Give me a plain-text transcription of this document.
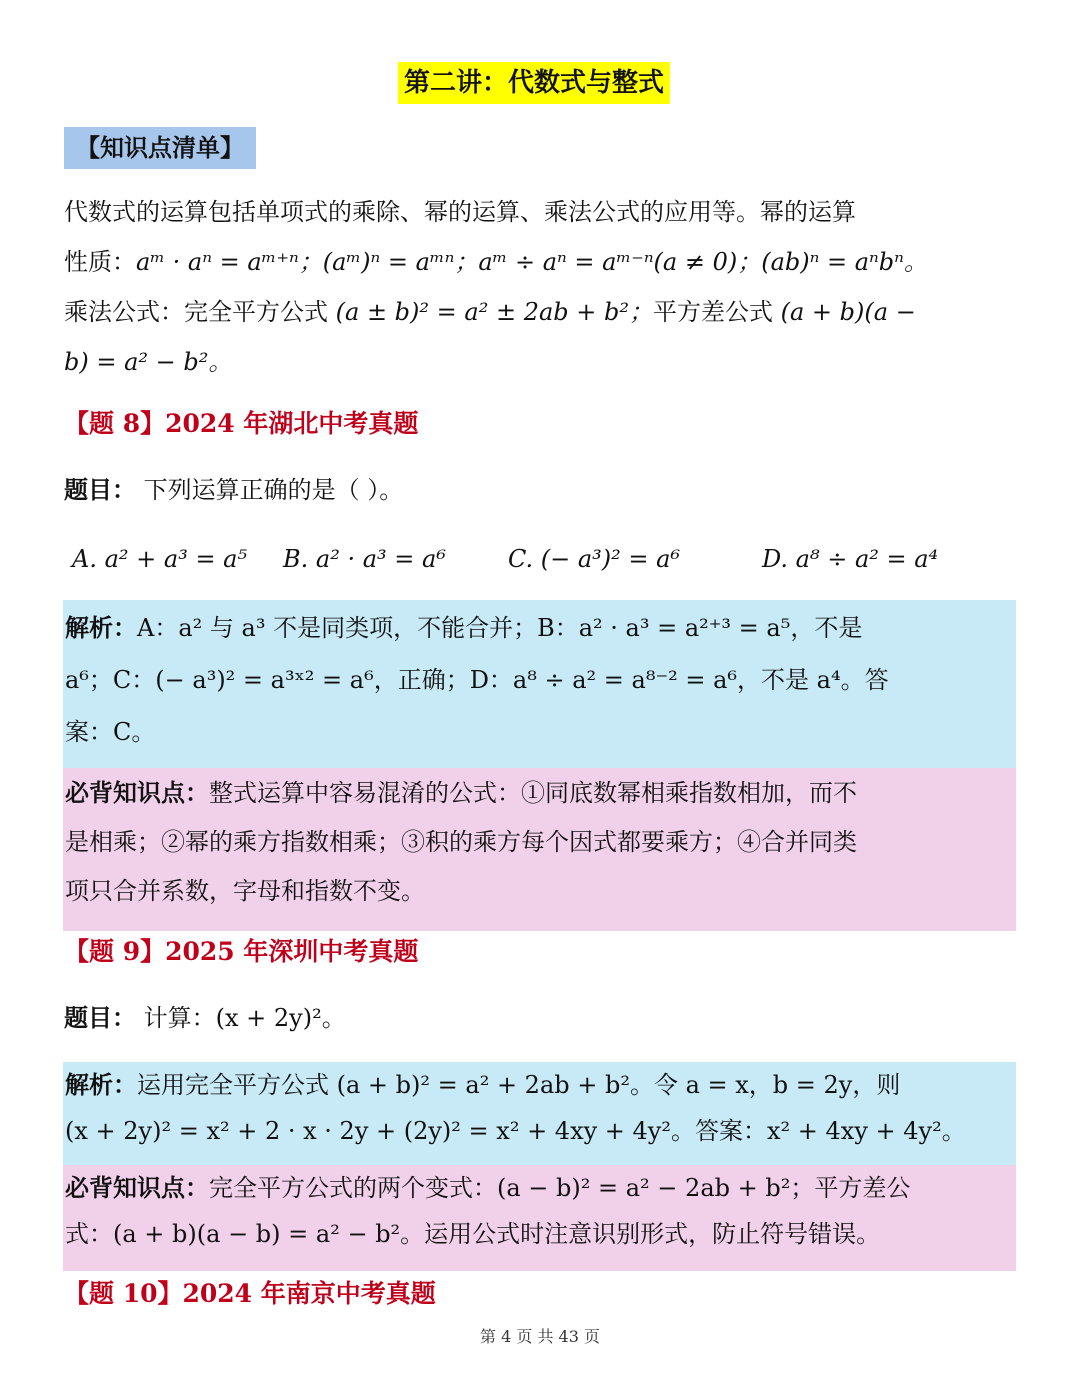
第二讲：代数式与整式
【知识点清单】
代数式的运算包括单项式的乘除、幂的运算、乘法公式的应用等。幂的运算
性质：aᵐ · aⁿ = aᵐ⁺ⁿ；(aᵐ)ⁿ = aᵐⁿ；aᵐ ÷ aⁿ = aᵐ⁻ⁿ(a ≠ 0)；(ab)ⁿ = aⁿbⁿ。
乘法公式：完全平方公式 (a ± b)² = a² ± 2ab + b²；平方差公式 (a + b)(a −
b) = a² − b²。
【题 8】2024 年湖北中考真题
题目： 下列运算正确的是（ ）。
A. a² + a³ = a⁵ B. a² · a³ = a⁶	C. (− a³)² = a⁶	D. a⁸ ÷ a² = a⁴
解析：A：a² 与 a³ 不是同类项，不能合并；B：a² · a³ = a²⁺³ = a⁵，不是
a⁶；C：(− a³)² = a³ˣ² = a⁶，正确；D：a⁸ ÷ a² = a⁸⁻² = a⁶，不是 a⁴。答
案：C。
必背知识点：整式运算中容易混淆的公式：①同底数幂相乘指数相加，而不
是相乘；②幂的乘方指数相乘；③积的乘方每个因式都要乘方；④合并同类
项只合并系数，字母和指数不变。
【题 9】2025 年深圳中考真题
题目： 计算：(x + 2y)²。
解析：运用完全平方公式 (a + b)² = a² + 2ab + b²。令 a = x，b = 2y，则
(x + 2y)² = x² + 2 · x · 2y + (2y)² = x² + 4xy + 4y²。答案：x² + 4xy + 4y²。
必背知识点：完全平方公式的两个变式：(a − b)² = a² − 2ab + b²；平方差公
式：(a + b)(a − b) = a² − b²。运用公式时注意识别形式，防止符号错误。
【题 10】2024 年南京中考真题
第 4 页 共 43 页
